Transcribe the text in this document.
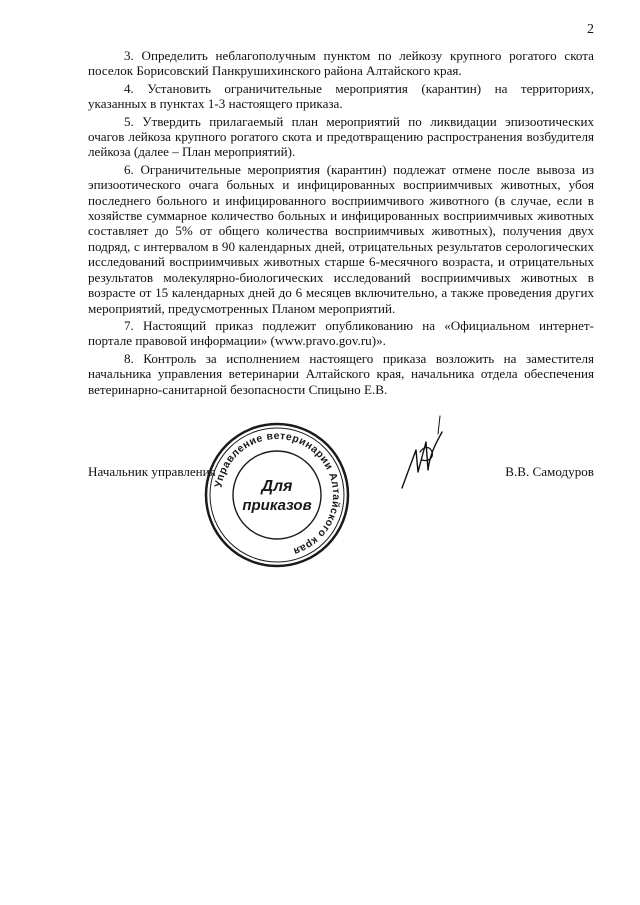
2

3. Определить неблагополучным пунктом по лейкозу крупного рогатого скота поселок Борисовский Панкрушихинского района Алтайского края.

4. Установить ограничительные мероприятия (карантин) на территориях, указанных в пунктах 1-3 настоящего приказа.

5. Утвердить прилагаемый план мероприятий по ликвидации эпизоотических очагов лейкоза крупного рогатого скота и предотвращению распространения возбудителя лейкоза (далее – План мероприятий).

6. Ограничительные мероприятия (карантин) подлежат отмене после вывоза из эпизоотического очага больных и инфицированных восприимчивых животных, убоя последнего больного и инфицированного восприимчивого животного (в случае, если в хозяйстве суммарное количество больных и инфицированных восприимчивых животных составляет до 5% от общего количества восприимчивых животных), получения двух подряд, с интервалом в 90 календарных дней, отрицательных результатов серологических исследований восприимчивых животных старше 6-месячного возраста, и отрицательных результатов молекулярно-биологических исследований восприимчивых животных в возрасте от 15 календарных дней до 6 месяцев включительно, а также проведения других мероприятий, предусмотренных Планом мероприятий.

7. Настоящий приказ подлежит опубликованию на «Официальном интернет-портале правовой информации» (www.pravo.gov.ru)».

8. Контроль за исполнением настоящего приказа возложить на заместителя начальника управления ветеринарии Алтайского края, начальника отдела обеспечения ветеринарно-санитарной безопасности Спицыно Е.В.

Начальник управления	В.В. Самодуров
Управление ветеринарии Алтайского края
Для
приказов
